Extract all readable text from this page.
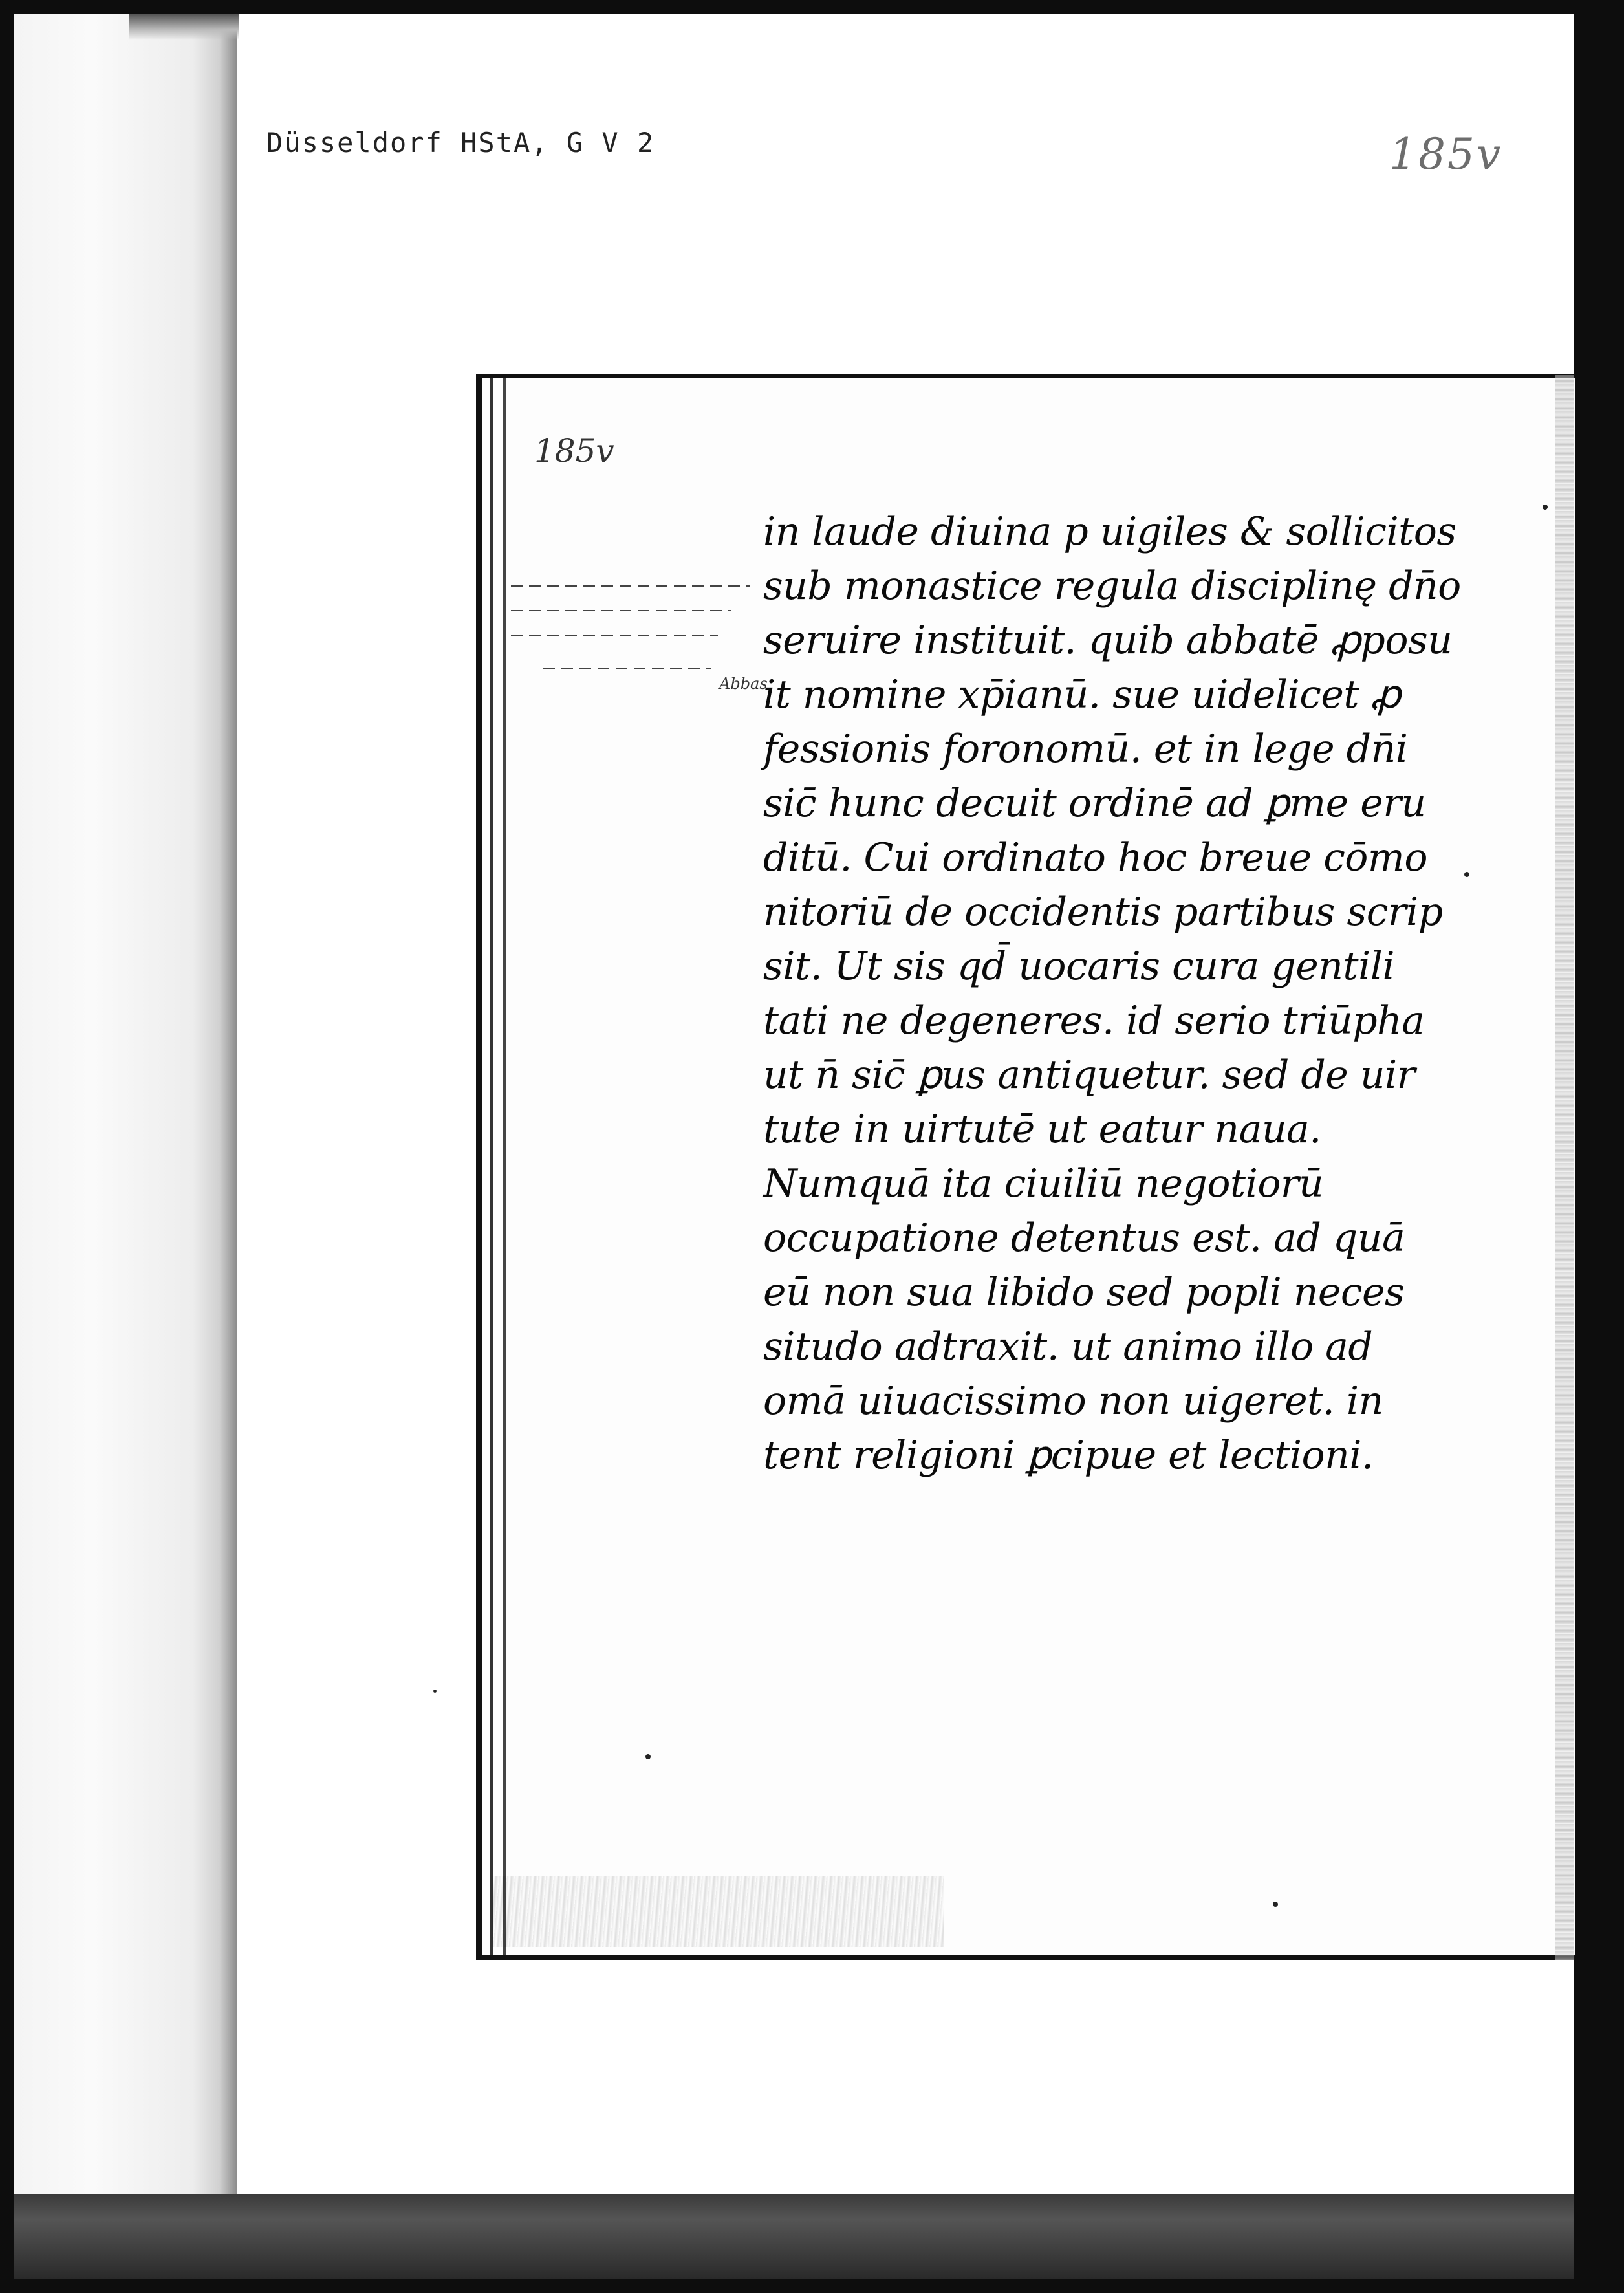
Düsseldorf HStA, G V 2	185v
185v
Abbas
in laude diuina p uigiles & sollicitos
sub monastice regula disciplinę dn̄o
seruire instituit. quib abbatē ꝓposu
it nomine xp̄ianū. sue uidelicet ꝓ
fessionis foronomū. et in lege dn̄i
sic̄ hunc decuit ordinē ad ꝑme eru
ditū. Cui ordinato hoc breue cōmo
nitoriū de occidentis partibus scrip
sit. Ut sis qd̄ uocaris cura gentili
tati ne degeneres. id serio triūpha
ut n̄ sic̄ ꝑus antiquetur. sed de uir
tute in uirtutē ut eatur naua.
Numquā ita ciuiliū negotiorū
occupatione detentus est. ad quā
eū non sua libido sed popli neces
situdo adtraxit. ut animo illo ad
omā uiuacissimo non uigeret. in
tent religioni ꝑcipue et lectioni.
